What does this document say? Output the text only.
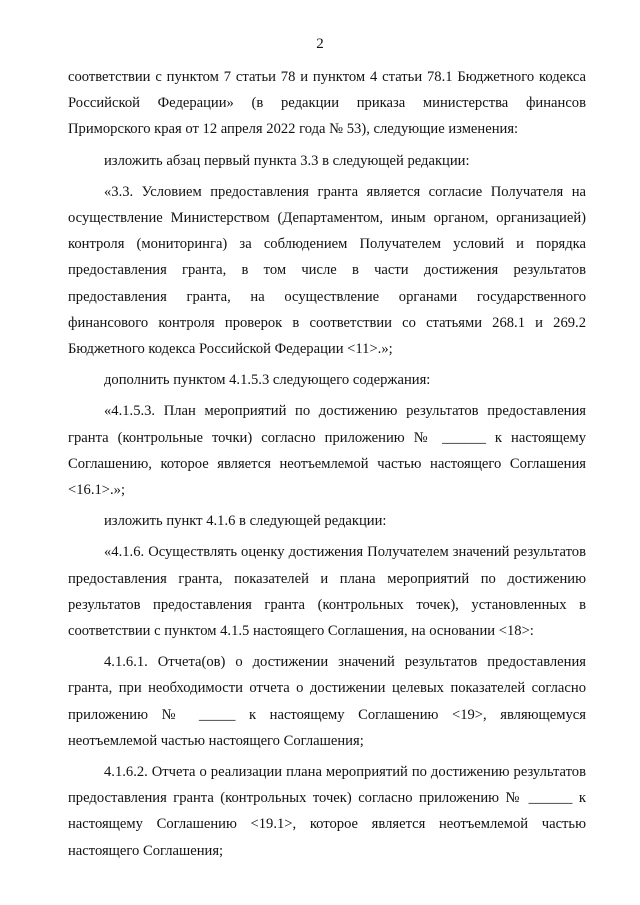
2

соответствии с пунктом 7 статьи 78 и пунктом 4 статьи 78.1 Бюджетного кодекса Российской Федерации» (в редакции приказа министерства финансов Приморского края от 12 апреля 2022 года № 53), следующие изменения:

изложить абзац первый пункта 3.3 в следующей редакции:

«3.3. Условием предоставления гранта является согласие Получателя на осуществление Министерством (Департаментом, иным органом, организацией) контроля (мониторинга) за соблюдением Получателем условий и порядка предоставления гранта, в том числе в части достижения результатов предоставления гранта, на осуществление органами государственного финансового контроля проверок в соответствии со статьями 268.1 и 269.2 Бюджетного кодекса Российской Федерации <11>.»;

дополнить пунктом 4.1.5.3 следующего содержания:

«4.1.5.3. План мероприятий по достижению результатов предоставления гранта (контрольные точки) согласно приложению № ______ к настоящему Соглашению, которое является неотъемлемой частью настоящего Соглашения <16.1>.»;

изложить пункт 4.1.6 в следующей редакции:

«4.1.6. Осуществлять оценку достижения Получателем значений результатов предоставления гранта, показателей и плана мероприятий по достижению результатов предоставления гранта (контрольных точек), установленных в соответствии с пунктом 4.1.5 настоящего Соглашения, на основании <18>:

4.1.6.1. Отчета(ов) о достижении значений результатов предоставления гранта, при необходимости отчета о достижении целевых показателей согласно приложению № _____ к настоящему Соглашению <19>, являющемуся неотъемлемой частью настоящего Соглашения;

4.1.6.2. Отчета о реализации плана мероприятий по достижению результатов предоставления гранта (контрольных точек) согласно приложению № ______ к настоящему Соглашению <19.1>, которое является неотъемлемой частью настоящего Соглашения;
